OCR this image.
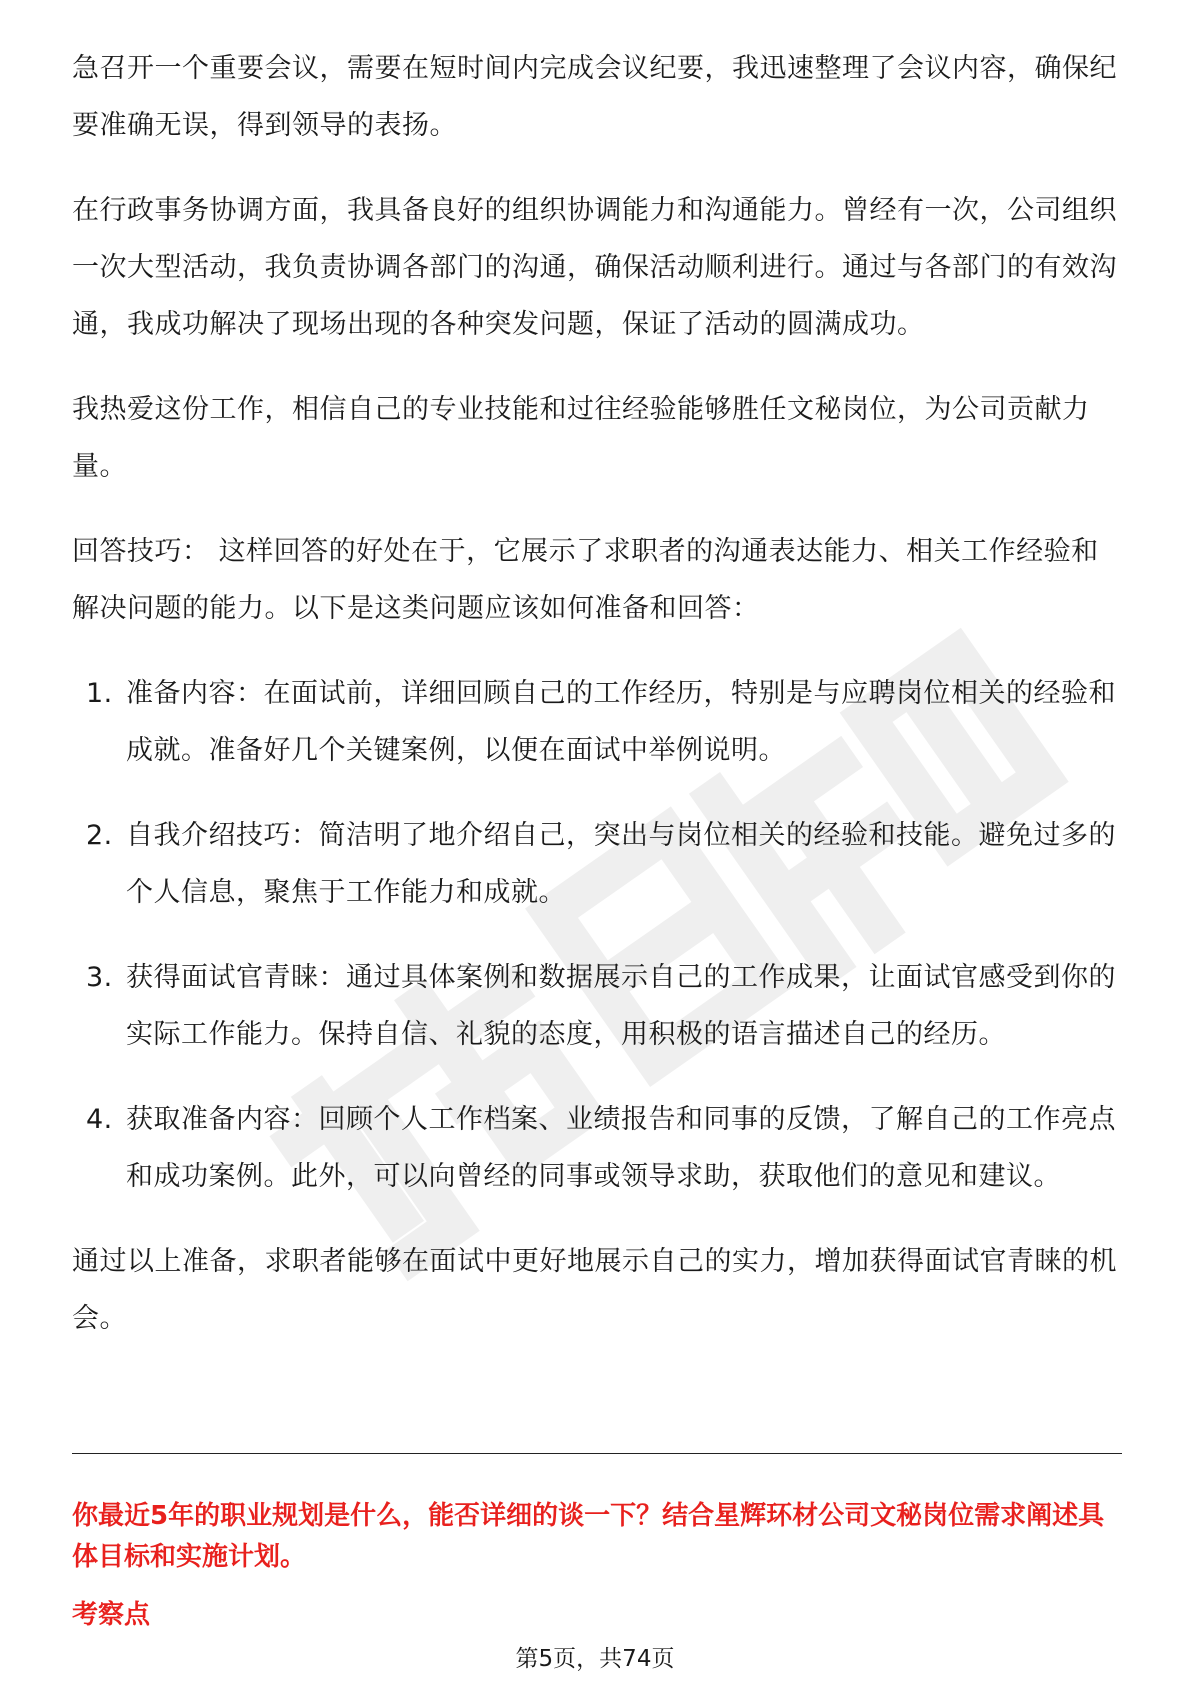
急召开一个重要会议，需要在短时间内完成会议纪要，我迅速整理了会议内容，确保纪要准确无误，得到领导的表扬。

在行政事务协调方面，我具备良好的组织协调能力和沟通能力。曾经有一次，公司组织一次大型活动，我负责协调各部门的沟通，确保活动顺利进行。通过与各部门的有效沟通，我成功解决了现场出现的各种突发问题，保证了活动的圆满成功。

我热爱这份工作，相信自己的专业技能和过往经验能够胜任文秘岗位，为公司贡献力量。

回答技巧： 这样回答的好处在于，它展示了求职者的沟通表达能力、相关工作经验和解决问题的能力。以下是这类问题应该如何准备和回答：

1. 准备内容：在面试前，详细回顾自己的工作经历，特别是与应聘岗位相关的经验和成就。准备好几个关键案例，以便在面试中举例说明。
2. 自我介绍技巧：简洁明了地介绍自己，突出与岗位相关的经验和技能。避免过多的个人信息，聚焦于工作能力和成就。
3. 获得面试官青睐：通过具体案例和数据展示自己的工作成果，让面试官感受到你的实际工作能力。保持自信、礼貌的态度，用积极的语言描述自己的经历。
4. 获取准备内容：回顾个人工作档案、业绩报告和同事的反馈，了解自己的工作亮点和成功案例。此外，可以向曾经的同事或领导求助，获取他们的意见和建议。

通过以上准备，求职者能够在面试中更好地展示自己的实力，增加获得面试官青睐的机会。

你最近5年的职业规划是什么，能否详细的谈一下？结合星辉环材公司文秘岗位需求阐述具体目标和实施计划。
考察点
第5页，共74页
